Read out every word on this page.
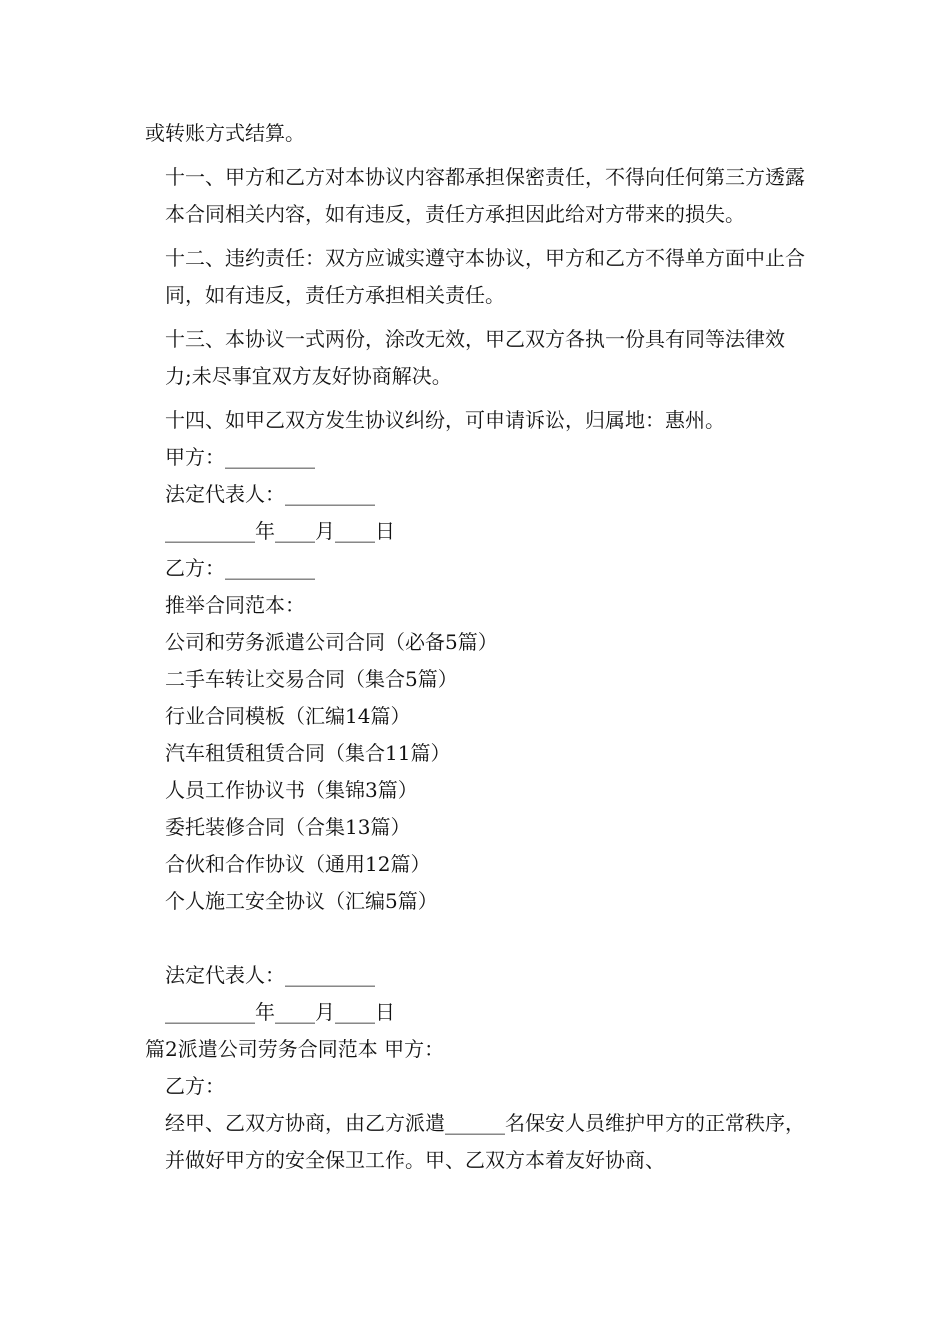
或转账方式结算。

十一、甲方和乙方对本协议内容都承担保密责任，不得向任何第三方透露本合同相关内容，如有违反，责任方承担因此给对方带来的损失。

十二、违约责任：双方应诚实遵守本协议，甲方和乙方不得单方面中止合同，如有违反，责任方承担相关责任。

十三、本协议一式两份，涂改无效，甲乙双方各执一份具有同等法律效力;未尽事宜双方友好协商解决。

十四、如甲乙双方发生协议纠纷，可申请诉讼，归属地：惠州。

甲方：_________

法定代表人：_________

_________年____月____日

乙方：_________

推举合同范本：

公司和劳务派遣公司合同（必备5篇）

二手车转让交易合同（集合5篇）

行业合同模板（汇编14篇）

汽车租赁租赁合同（集合11篇）

人员工作协议书（集锦3篇）

委托装修合同（合集13篇）

合伙和合作协议（通用12篇）

个人施工安全协议（汇编5篇）

法定代表人：_________

_________年____月____日

篇2派遣公司劳务合同范本 甲方：

乙方：

经甲、乙双方协商，由乙方派遣______名保安人员维护甲方的正常秩序，并做好甲方的安全保卫工作。甲、乙双方本着友好协商、
